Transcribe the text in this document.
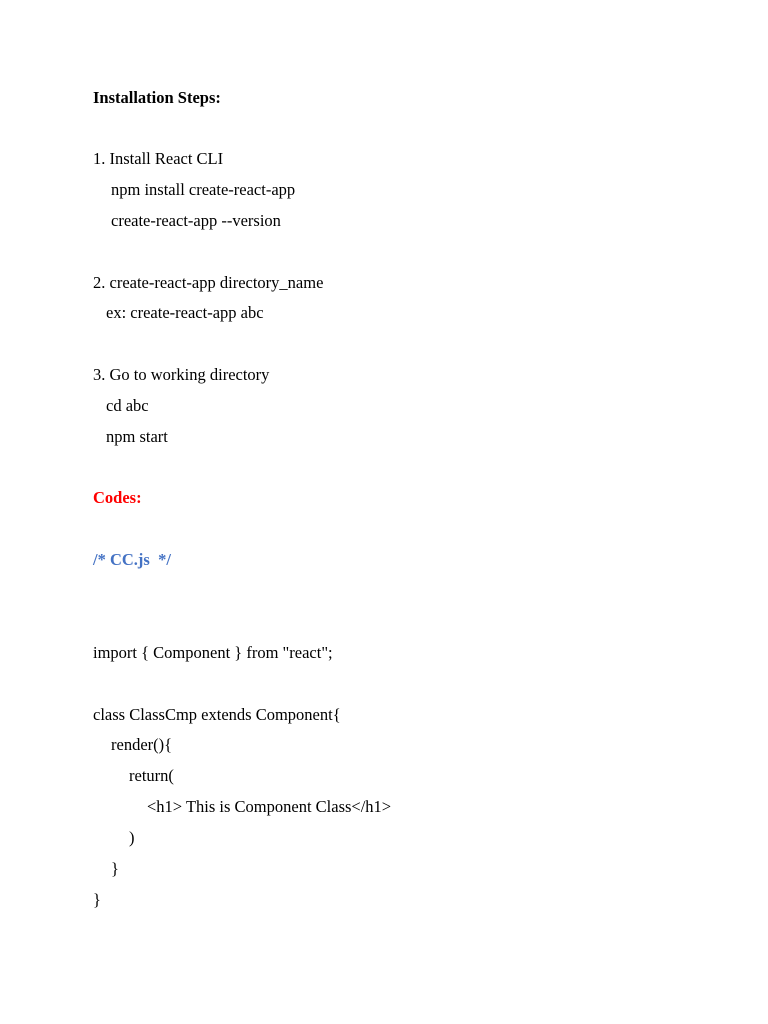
Installation Steps:
1. Install React CLI
npm install create-react-app
create-react-app --version
2. create-react-app directory_name
ex: create-react-app abc
3. Go to working directory
cd abc
npm start
Codes:
/* CC.js  */
import { Component } from "react";
class ClassCmp extends Component{
render(){
return(
<h1> This is Component Class</h1>
)
}
}
